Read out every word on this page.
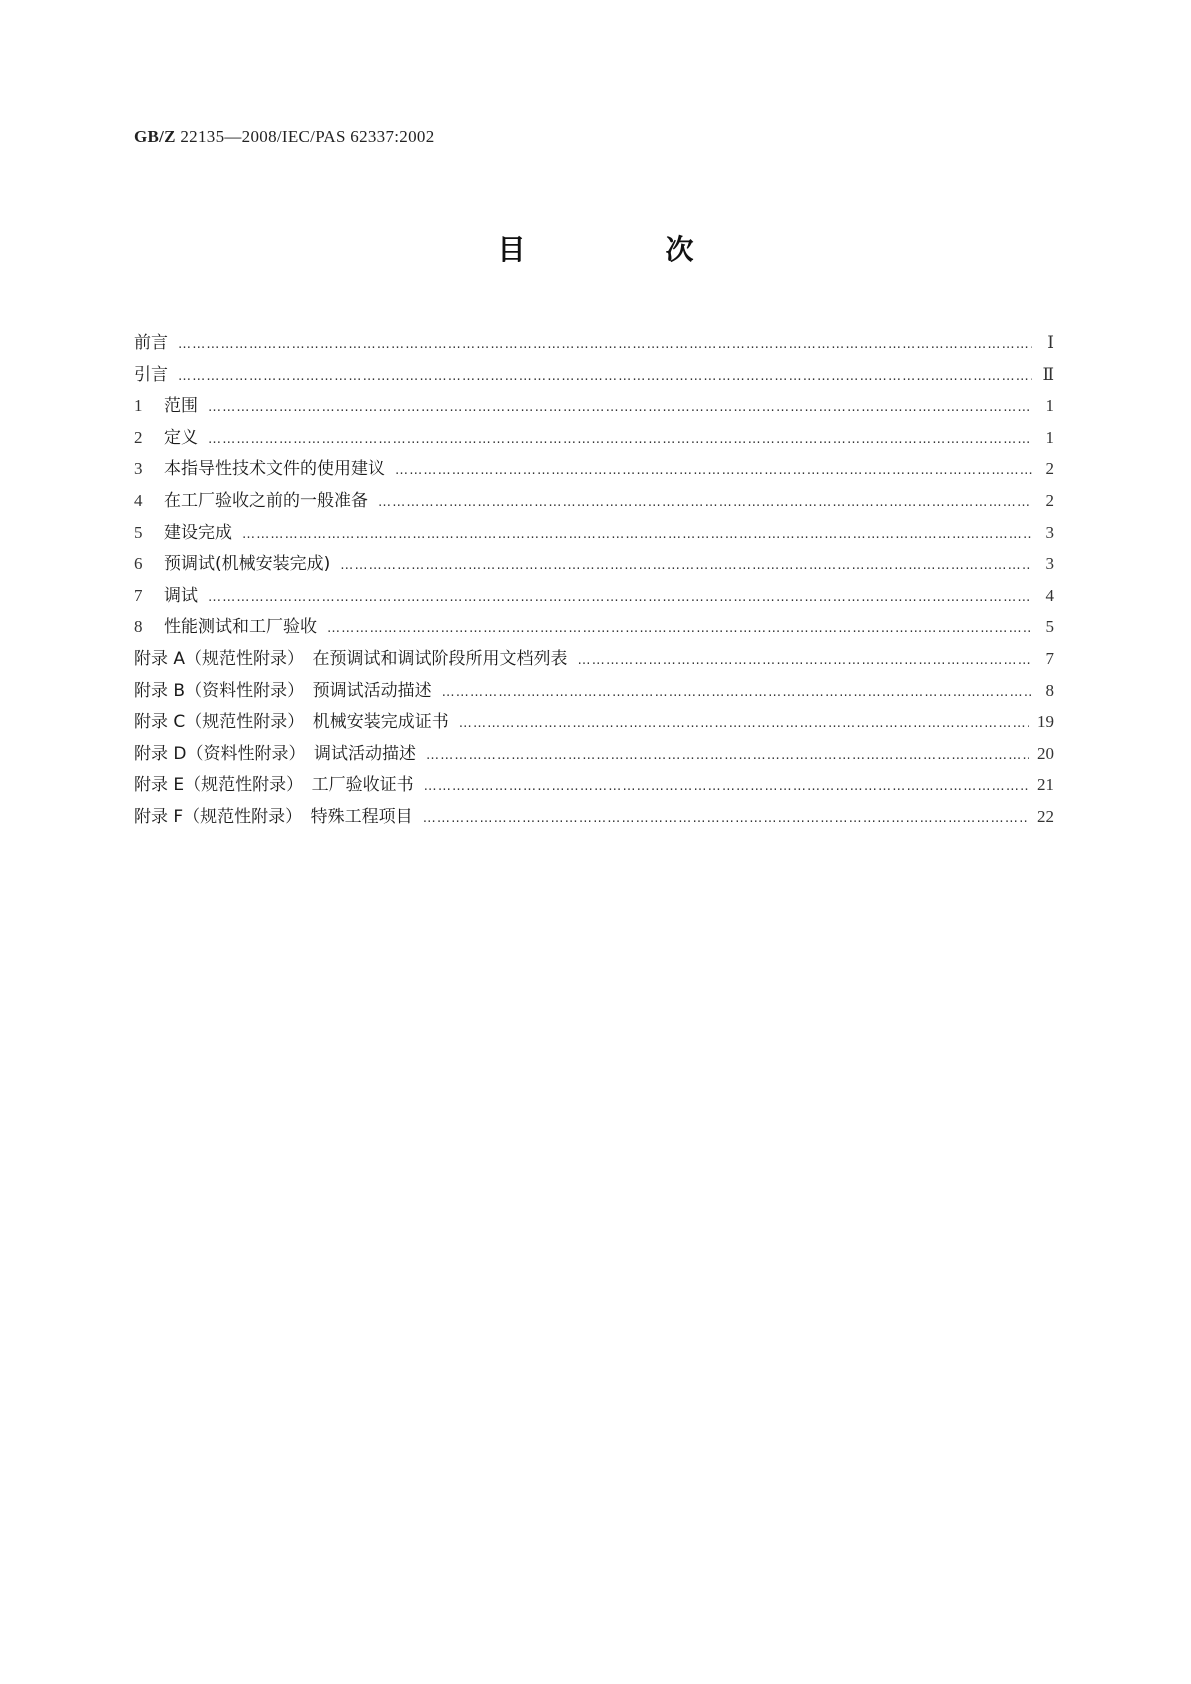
GB/Z 22135—2008/IEC/PAS 62337:2002
目　次
前言 ……………………………………………………………………………………………………………………………………………………………………………………………………………………………………………	Ⅰ
引言 ……………………………………………………………………………………………………………………………………………………………………………………………………………………………………………	Ⅱ
1	范围 ……………………………………………………………………………………………………………………………………………………………………………………………………………………………………………	1
2	定义 ……………………………………………………………………………………………………………………………………………………………………………………………………………………………………………	1
3	本指导性技术文件的使用建议 ……………………………………………………………………………………………………………………………………………………………………………………………………………………………………………	2
4	在工厂验收之前的一般准备 ……………………………………………………………………………………………………………………………………………………………………………………………………………………………………………	2
5	建设完成 ……………………………………………………………………………………………………………………………………………………………………………………………………………………………………………	3
6	预调试(机械安装完成) ……………………………………………………………………………………………………………………………………………………………………………………………………………………………………………	3
7	调试 ……………………………………………………………………………………………………………………………………………………………………………………………………………………………………………	4
8	性能测试和工厂验收 ……………………………………………………………………………………………………………………………………………………………………………………………………………………………………………	5
附录 A（规范性附录）　在预调试和调试阶段所用文档列表 ……………………………………………………………………………………………………………………………………………………………………………………………………………………………………………	7
附录 B（资料性附录）　预调试活动描述 ……………………………………………………………………………………………………………………………………………………………………………………………………………………………………………	8
附录 C（规范性附录）　机械安装完成证书 ……………………………………………………………………………………………………………………………………………………………………………………………………………………………………………	19
附录 D（资料性附录）　调试活动描述 ……………………………………………………………………………………………………………………………………………………………………………………………………………………………………………	20
附录 E（规范性附录）　工厂验收证书 ……………………………………………………………………………………………………………………………………………………………………………………………………………………………………………	21
附录 F（规范性附录）　特殊工程项目 ……………………………………………………………………………………………………………………………………………………………………………………………………………………………………………	22
